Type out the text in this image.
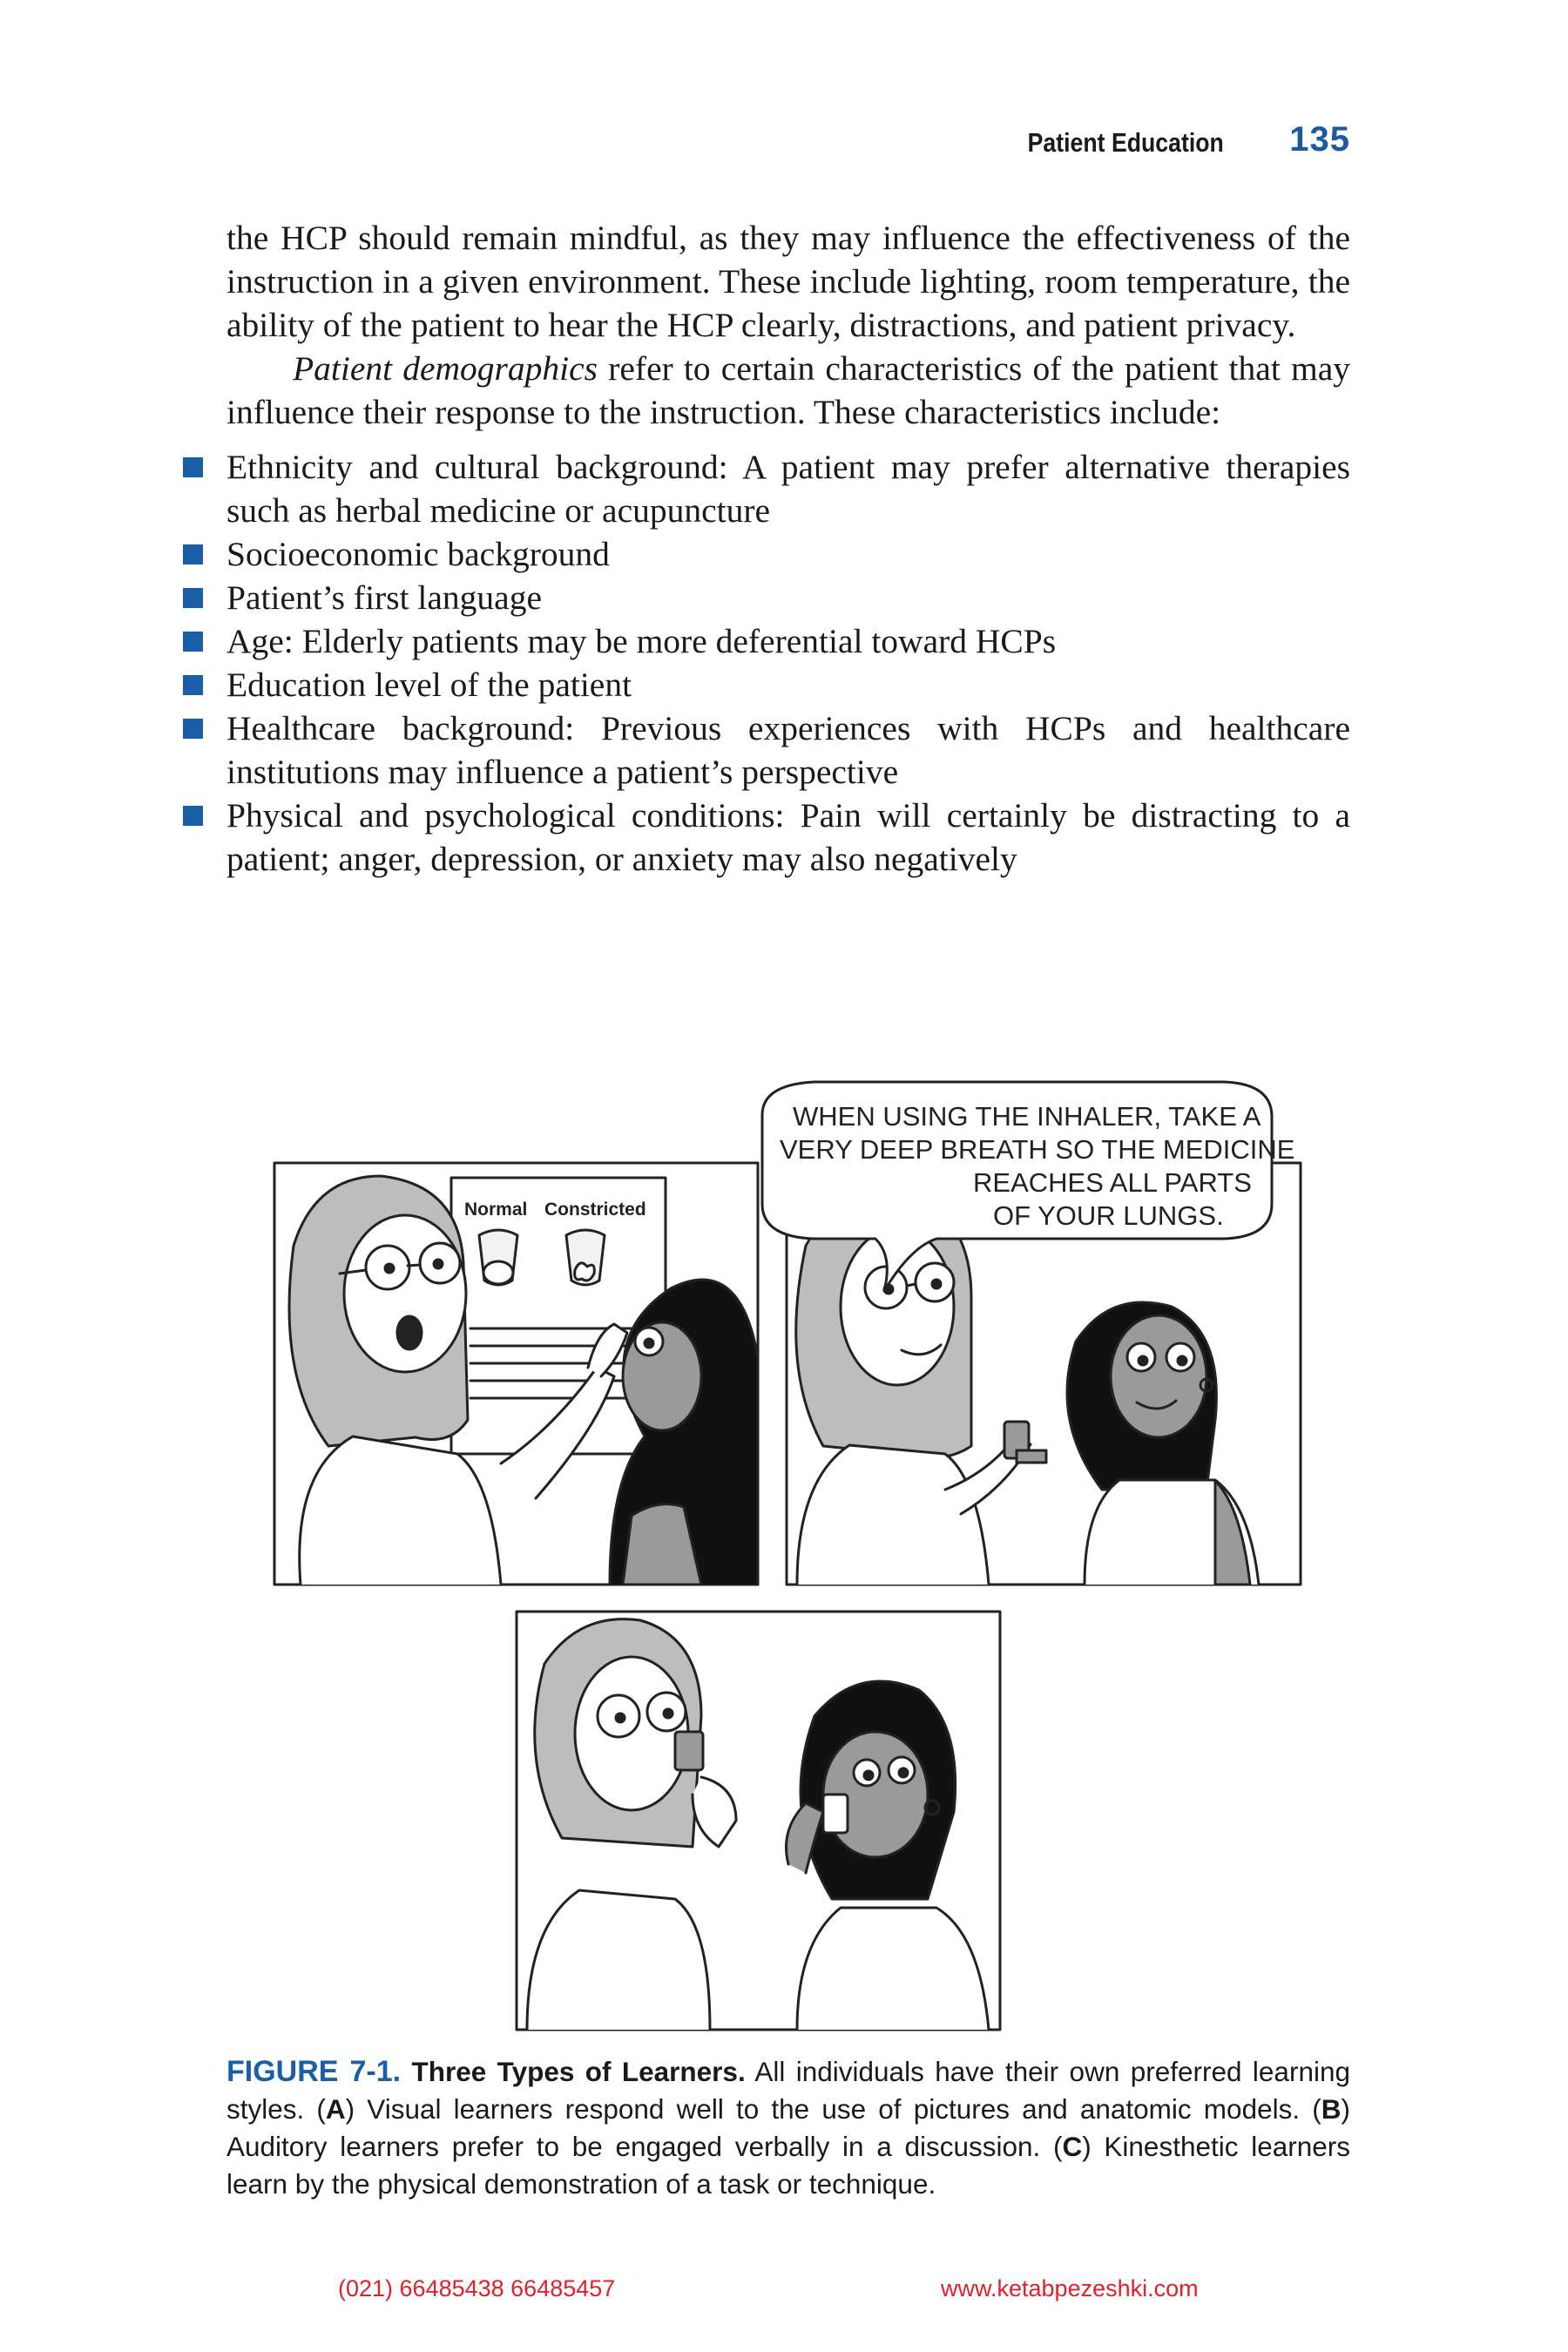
Patient Education 135

the HCP should remain mindful, as they may influence the effectiveness of the instruction in a given environment. These include lighting, room temperature, the ability of the patient to hear the HCP clearly, distractions, and patient privacy.

Patient demographics refer to certain characteristics of the patient that may influence their response to the instruction. These characteristics include:

Ethnicity and cultural background: A patient may prefer alternative therapies such as herbal medicine or acupuncture
Socioeconomic background
Patient’s first language
Age: Elderly patients may be more deferential toward HCPs
Education level of the patient
Healthcare background: Previous experiences with HCPs and healthcare institutions may influence a patient’s perspective
Physical and psychological conditions: Pain will certainly be distracting to a patient; anger, depression, or anxiety may also negatively
Normal Constricted
WHEN USING THE INHALER, TAKE A
VERY DEEP BREATH SO THE MEDICINE
REACHES ALL PARTS
OF YOUR LUNGS.
FIGURE 7-1. Three Types of Learners. All individuals have their own preferred learning styles. (A) Visual learners respond well to the use of pictures and anatomic models. (B) Auditory learners prefer to be engaged verbally in a discussion. (C) Kinesthetic learners learn by the physical demonstration of a task or technique.
(021) 66485438 66485457	www.ketabpezeshki.com
